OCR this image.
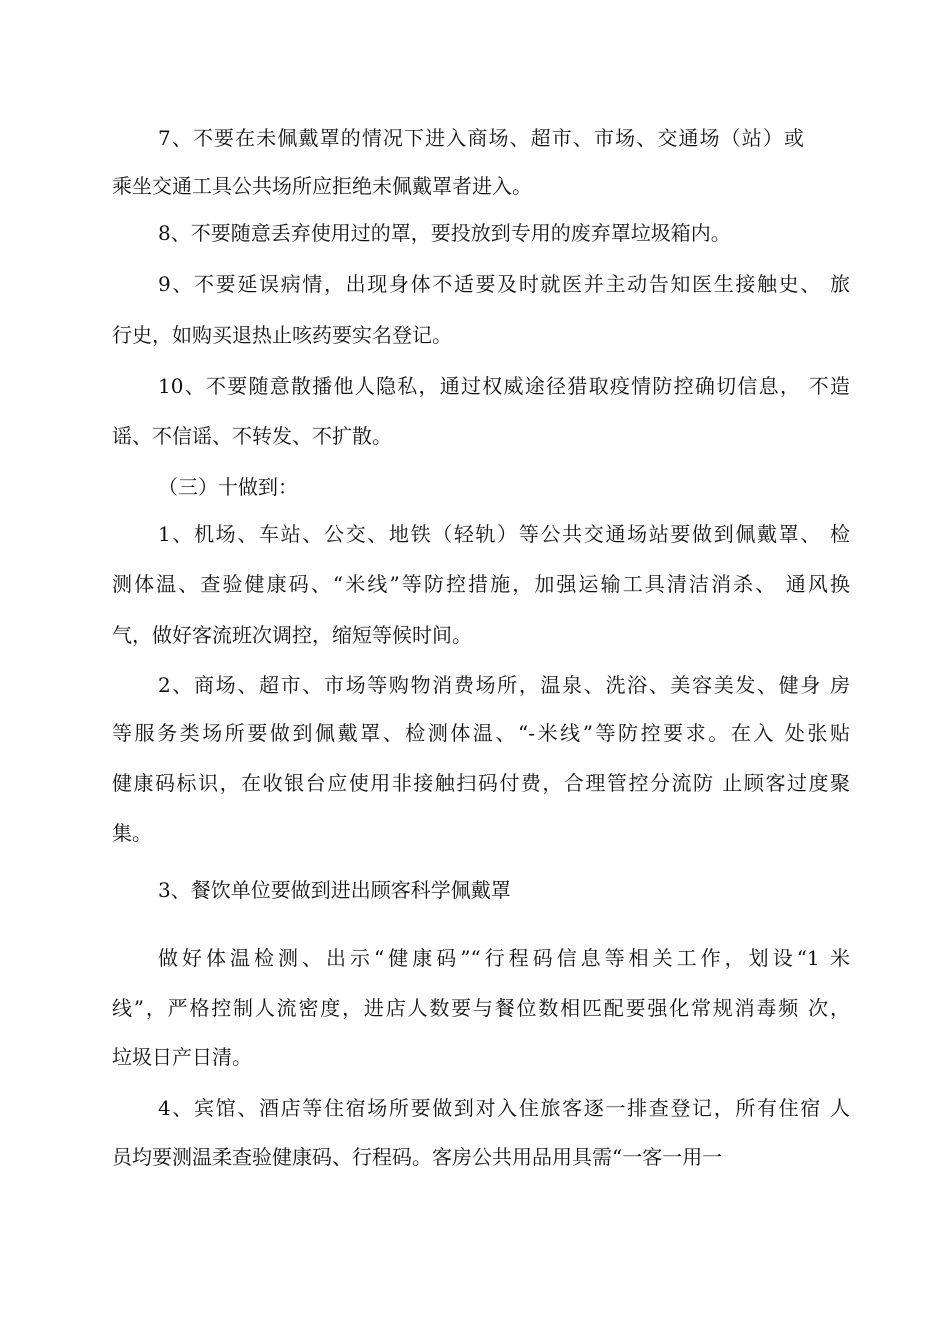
7、不要在未佩戴罩的情况下进入商场、超市、市场、交通场（站）或

乘坐交通工具公共场所应拒绝未佩戴罩者进入。

8、不要随意丢弃使用过的罩，要投放到专用的废弃罩垃圾箱内。

9、不要延误病情，出现身体不适要及时就医并主动告知医生接触史、 旅

行史，如购买退热止咳药要实名登记。

10、不要随意散播他人隐私，通过权威途径猎取疫情防控确切信息， 不造

谣、不信谣、不转发、不扩散。

（三）十做到：

1、机场、车站、公交、地铁（轻轨）等公共交通场站要做到佩戴罩、 检

测体温、查验健康码、“米线”等防控措施，加强运输工具清洁消杀、 通风换

气，做好客流班次调控，缩短等候时间。

2、商场、超市、市场等购物消费场所，温泉、洗浴、美容美发、健身 房

等服务类场所要做到佩戴罩、检测体温、“-米线”等防控要求。在入 处张贴

健康码标识，在收银台应使用非接触扫码付费，合理管控分流防 止顾客过度聚

集。

3、餐饮单位要做到进出顾客科学佩戴罩

做好体温检测、出示“健康码”“行程码信息等相关工作，划设“1 米

线”，严格控制人流密度，进店人数要与餐位数相匹配要强化常规消毒频 次，

垃圾日产日清。

4、宾馆、酒店等住宿场所要做到对入住旅客逐一排查登记，所有住宿 人

员均要测温柔查验健康码、行程码。客房公共用品用具需“一客一用一
